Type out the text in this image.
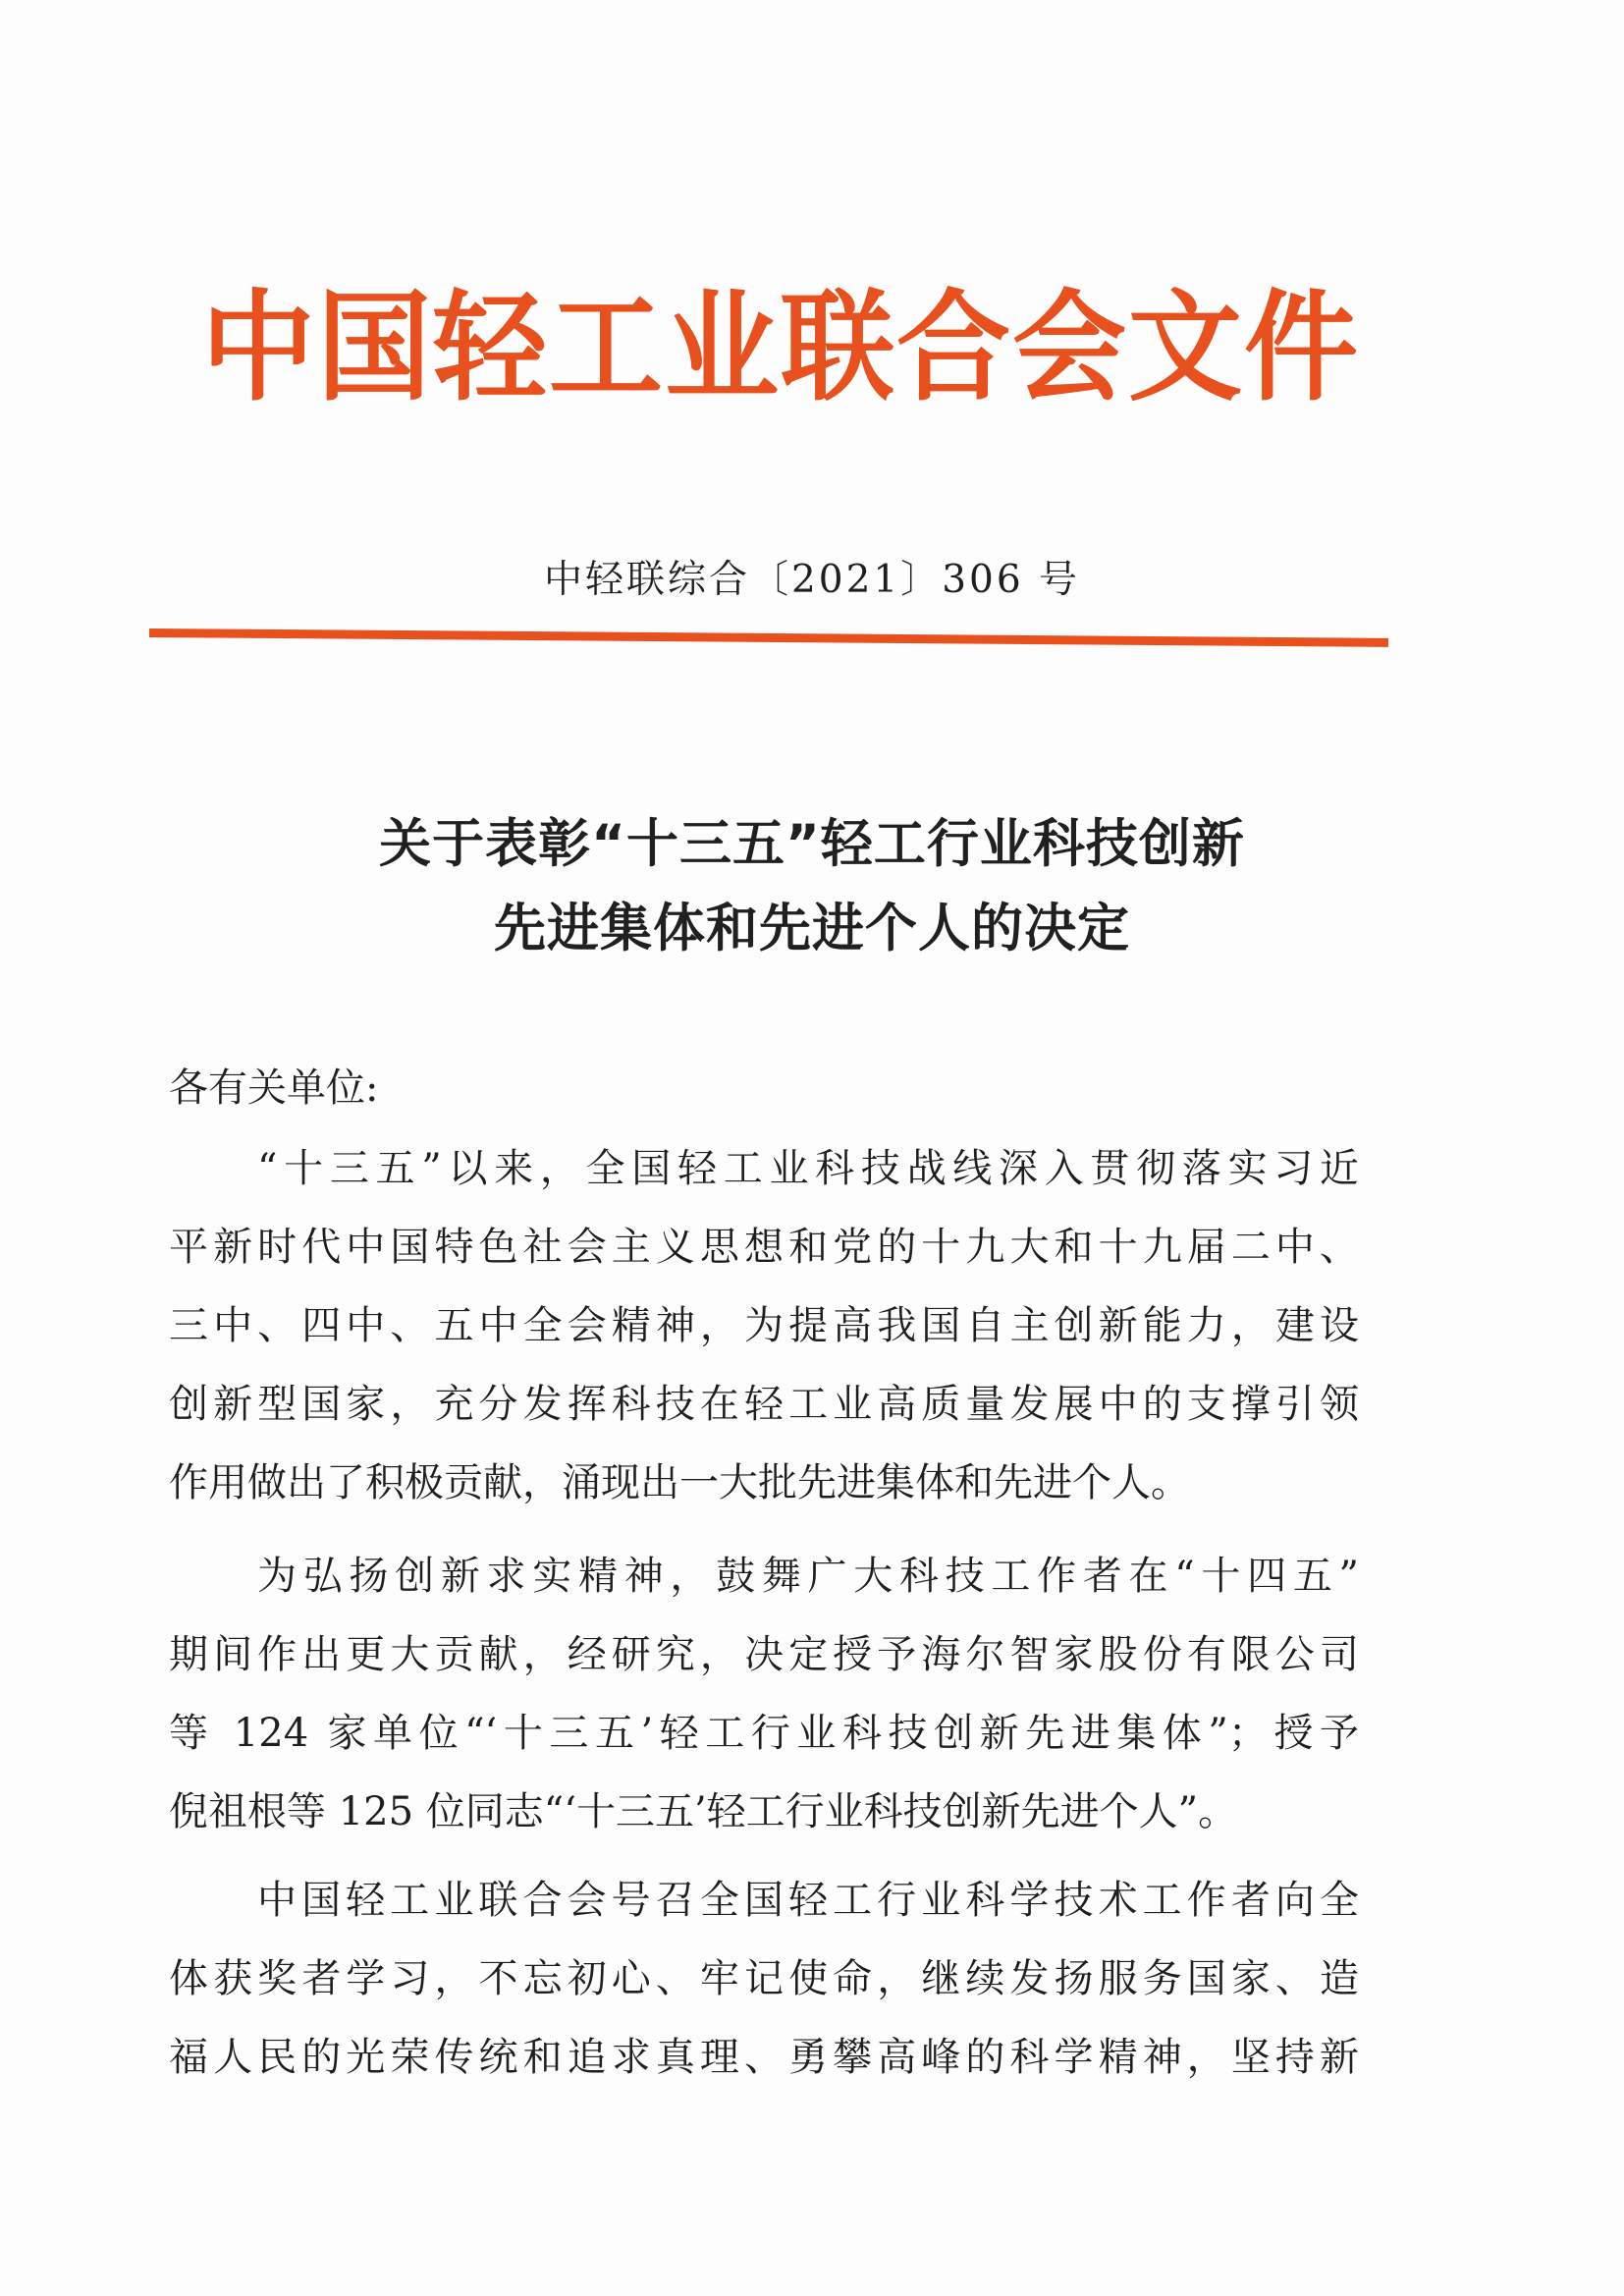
中国轻工业联合会文件
中轻联综合〔2021〕306 号
关于表彰“十三五”轻工行业科技创新
先进集体和先进个人的决定
各有关单位:
“十三五”以来，全国轻工业科技战线深入贯彻落实习近
平新时代中国特色社会主义思想和党的十九大和十九届二中、
三中、四中、五中全会精神，为提高我国自主创新能力，建设
创新型国家，充分发挥科技在轻工业高质量发展中的支撑引领
作用做出了积极贡献，涌现出一大批先进集体和先进个人。
为弘扬创新求实精神，鼓舞广大科技工作者在“十四五”
期间作出更大贡献，经研究，决定授予海尔智家股份有限公司
等 124 家单位“‘十三五’轻工行业科技创新先进集体”；授予
倪祖根等 125 位同志“‘十三五’轻工行业科技创新先进个人”。
中国轻工业联合会号召全国轻工行业科学技术工作者向全
体获奖者学习，不忘初心、牢记使命，继续发扬服务国家、造
福人民的光荣传统和追求真理、勇攀高峰的科学精神，坚持新
